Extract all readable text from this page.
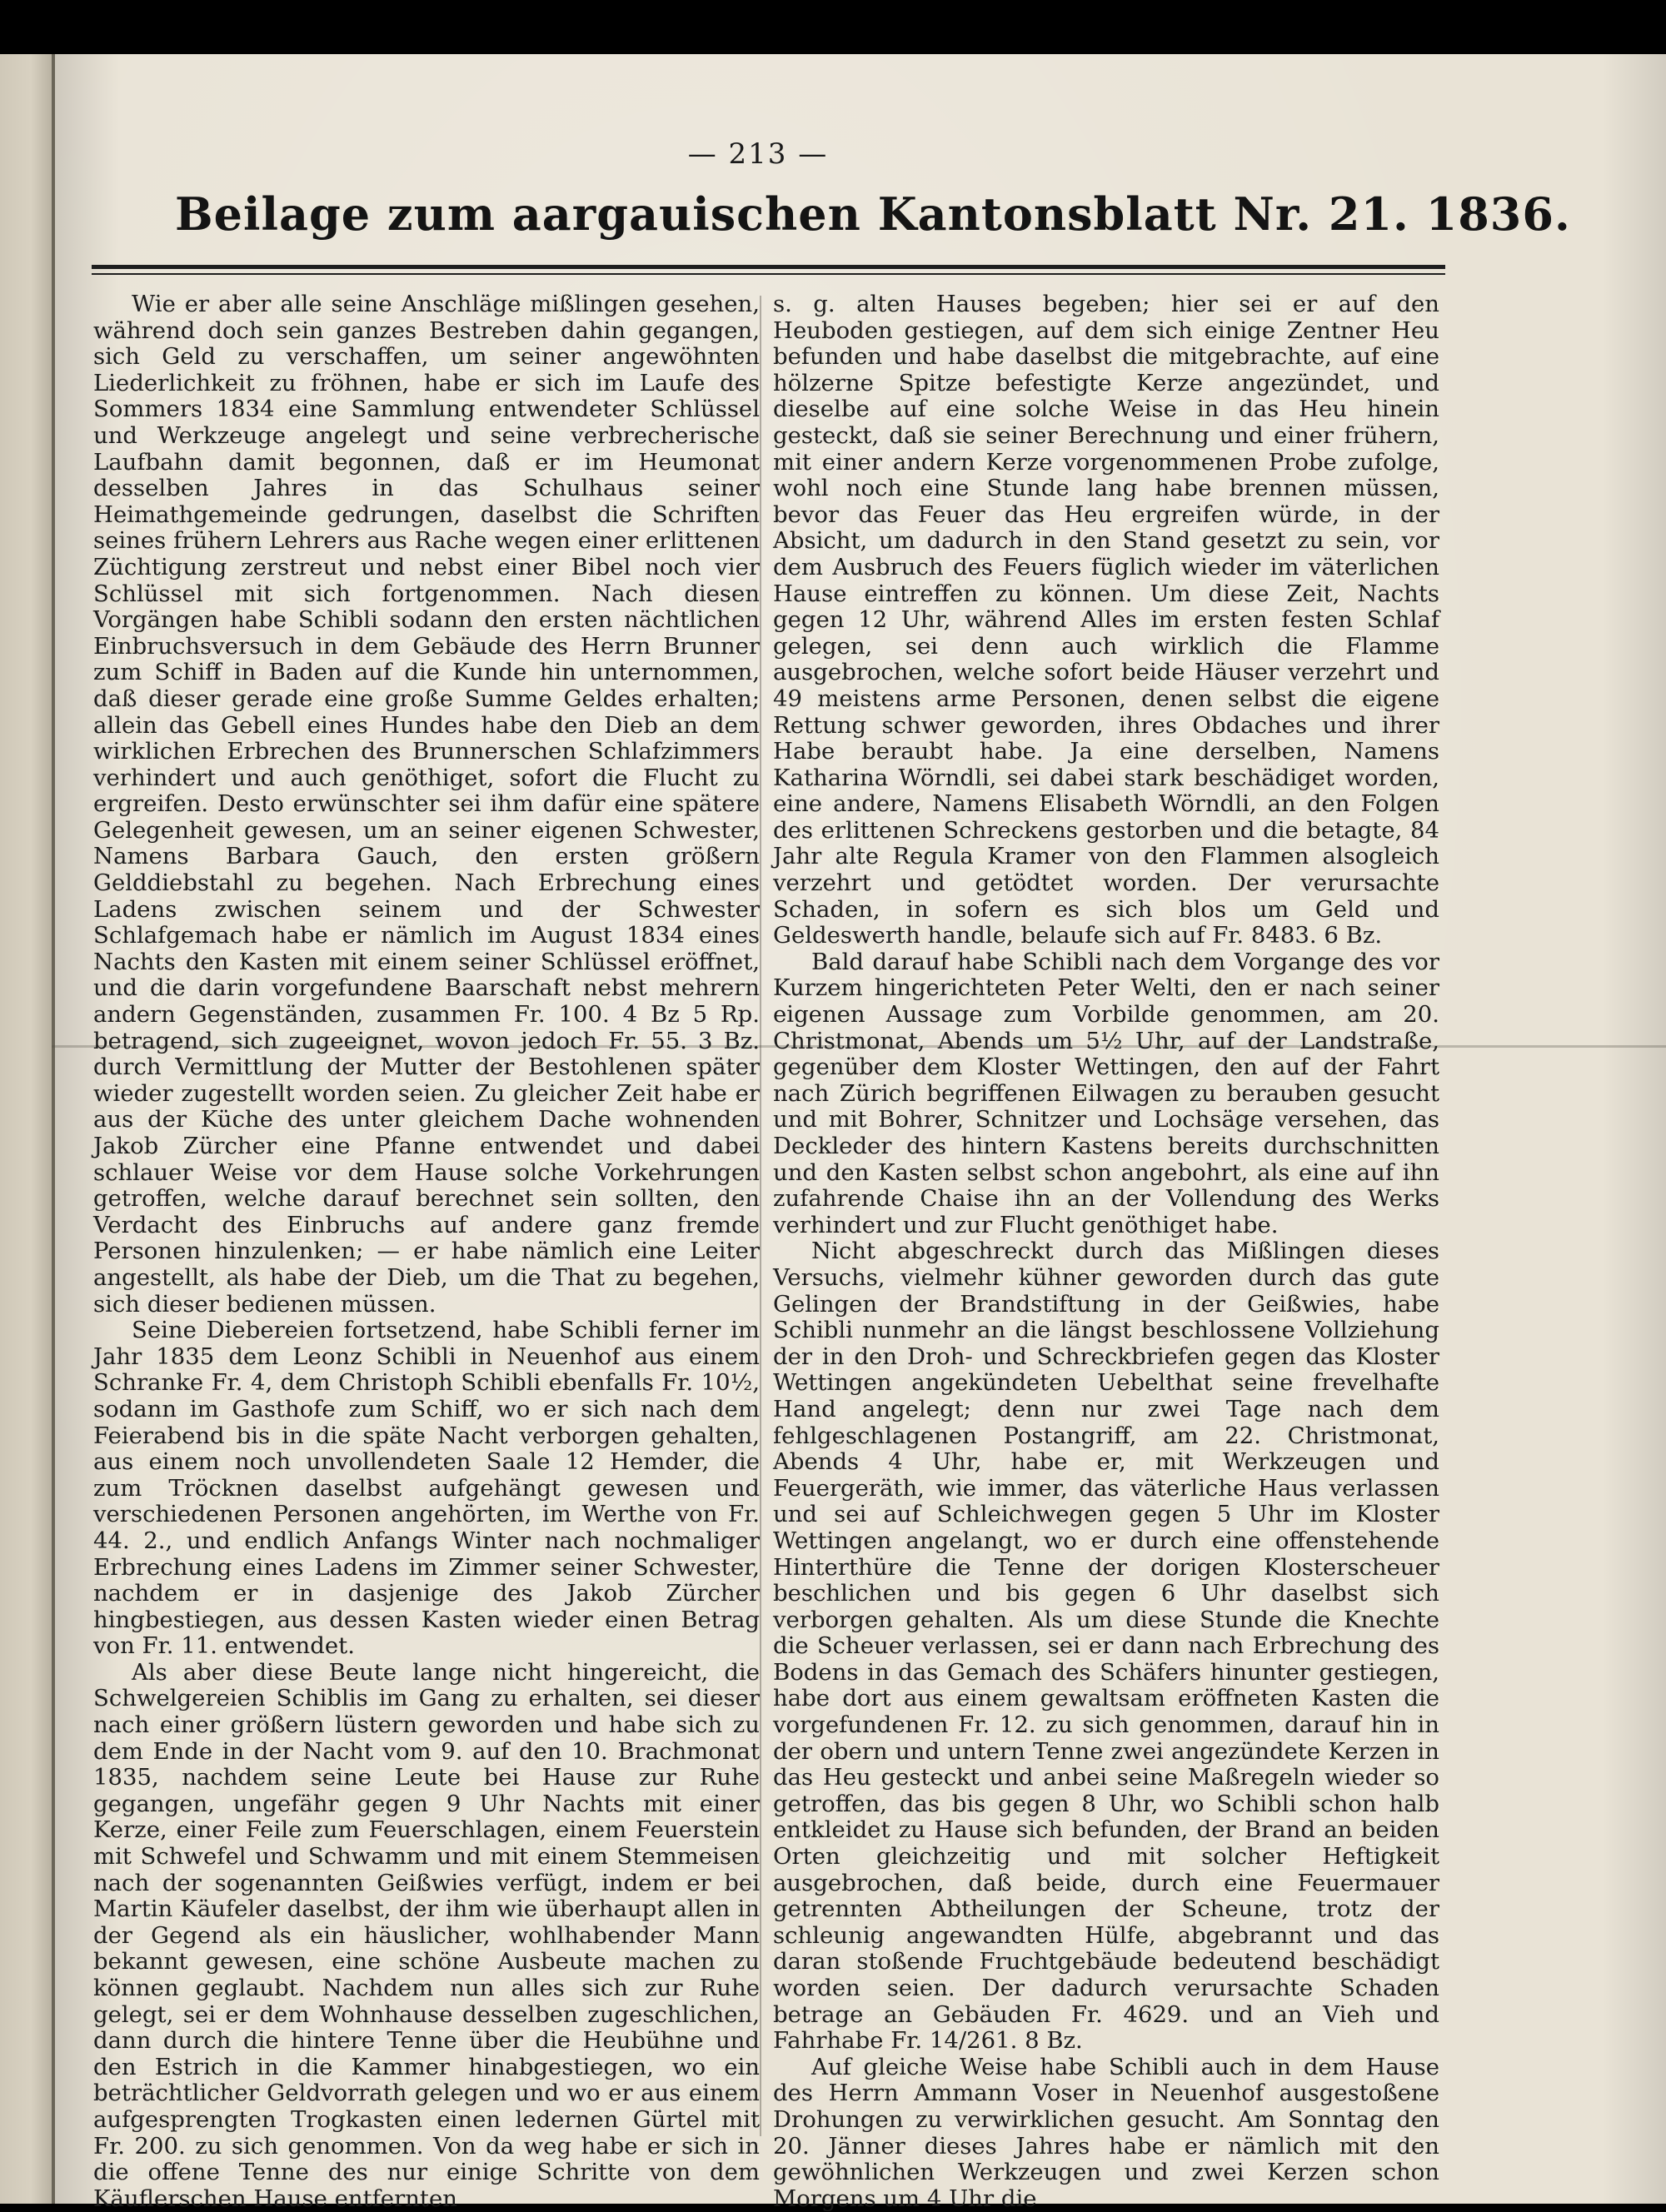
— 213 —
Beilage zum aargauischen Kantonsblatt Nr. 21. 1836.

Wie er aber alle seine Anschläge mißlingen gesehen, während doch sein ganzes Bestreben dahin gegangen, sich Geld zu verschaffen, um seiner angewöhnten Liederlichkeit zu fröhnen, habe er sich im Laufe des Sommers 1834 eine Sammlung entwendeter Schlüssel und Werkzeuge angelegt und seine verbrecherische Laufbahn damit begonnen, daß er im Heumonat desselben Jahres in das Schulhaus seiner Heimathgemeinde gedrungen, daselbst die Schriften seines frühern Lehrers aus Rache wegen einer erlittenen Züchtigung zerstreut und nebst einer Bibel noch vier Schlüssel mit sich fortgenommen. Nach diesen Vorgängen habe Schibli sodann den ersten nächtlichen Einbruchsversuch in dem Gebäude des Herrn Brunner zum Schiff in Baden auf die Kunde hin unternommen, daß dieser gerade eine große Summe Geldes erhalten; allein das Gebell eines Hundes habe den Dieb an dem wirklichen Erbrechen des Brunnerschen Schlafzimmers verhindert und auch genöthiget, sofort die Flucht zu ergreifen. Desto erwünschter sei ihm dafür eine spätere Gelegenheit gewesen, um an seiner eigenen Schwester, Namens Barbara Gauch, den ersten größern Gelddiebstahl zu begehen. Nach Erbrechung eines Ladens zwischen seinem und der Schwester Schlafgemach habe er nämlich im August 1834 eines Nachts den Kasten mit einem seiner Schlüssel eröffnet, und die darin vorgefundene Baarschaft nebst mehrern andern Gegenständen, zusammen Fr. 100. 4 Bz 5 Rp. betragend, sich zugeeignet, wovon jedoch Fr. 55. 3 Bz. durch Vermittlung der Mutter der Bestohlenen später wieder zugestellt worden seien. Zu gleicher Zeit habe er aus der Küche des unter gleichem Dache wohnenden Jakob Zürcher eine Pfanne entwendet und dabei schlauer Weise vor dem Hause solche Vorkehrungen getroffen, welche darauf berechnet sein sollten, den Verdacht des Einbruchs auf andere ganz fremde Personen hinzulenken; — er habe nämlich eine Leiter angestellt, als habe der Dieb, um die That zu begehen, sich dieser bedienen müssen.

Seine Diebereien fortsetzend, habe Schibli ferner im Jahr 1835 dem Leonz Schibli in Neuenhof aus einem Schranke Fr. 4, dem Christoph Schibli ebenfalls Fr. 10½, sodann im Gasthofe zum Schiff, wo er sich nach dem Feierabend bis in die späte Nacht verborgen gehalten, aus einem noch unvollendeten Saale 12 Hemder, die zum Tröcknen daselbst aufgehängt gewesen und verschiedenen Personen angehörten, im Werthe von Fr. 44. 2., und endlich Anfangs Winter nach nochmaliger Erbrechung eines Ladens im Zimmer seiner Schwester, nachdem er in dasjenige des Jakob Zürcher hingbestiegen, aus dessen Kasten wieder einen Betrag von Fr. 11. entwendet.

Als aber diese Beute lange nicht hingereicht, die Schwelgereien Schiblis im Gang zu erhalten, sei dieser nach einer größern lüstern geworden und habe sich zu dem Ende in der Nacht vom 9. auf den 10. Brachmonat 1835, nachdem seine Leute bei Hause zur Ruhe gegangen, ungefähr gegen 9 Uhr Nachts mit einer Kerze, einer Feile zum Feuerschlagen, einem Feuerstein mit Schwefel und Schwamm und mit einem Stemmeisen nach der sogenannten Geißwies verfügt, indem er bei Martin Käufeler daselbst, der ihm wie überhaupt allen in der Gegend als ein häuslicher, wohlhabender Mann bekannt gewesen, eine schöne Ausbeute machen zu können geglaubt. Nachdem nun alles sich zur Ruhe gelegt, sei er dem Wohnhause desselben zugeschlichen, dann durch die hintere Tenne über die Heubühne und den Estrich in die Kammer hinabgestiegen, wo ein beträchtlicher Geldvorrath gelegen und wo er aus einem aufgesprengten Trogkasten einen ledernen Gürtel mit Fr. 200. zu sich genommen. Von da weg habe er sich in die offene Tenne des nur einige Schritte von dem Käuflerschen Hause entfernten

s. g. alten Hauses begeben; hier sei er auf den Heuboden gestiegen, auf dem sich einige Zentner Heu befunden und habe daselbst die mitgebrachte, auf eine hölzerne Spitze befestigte Kerze angezündet, und dieselbe auf eine solche Weise in das Heu hinein gesteckt, daß sie seiner Berechnung und einer frühern, mit einer andern Kerze vorgenommenen Probe zufolge, wohl noch eine Stunde lang habe brennen müssen, bevor das Feuer das Heu ergreifen würde, in der Absicht, um dadurch in den Stand gesetzt zu sein, vor dem Ausbruch des Feuers füglich wieder im väterlichen Hause eintreffen zu können. Um diese Zeit, Nachts gegen 12 Uhr, während Alles im ersten festen Schlaf gelegen, sei denn auch wirklich die Flamme ausgebrochen, welche sofort beide Häuser verzehrt und 49 meistens arme Personen, denen selbst die eigene Rettung schwer geworden, ihres Obdaches und ihrer Habe beraubt habe. Ja eine derselben, Namens Katharina Wörndli, sei dabei stark beschädiget worden, eine andere, Namens Elisabeth Wörndli, an den Folgen des erlittenen Schreckens gestorben und die betagte, 84 Jahr alte Regula Kramer von den Flammen alsogleich verzehrt und getödtet worden. Der verursachte Schaden, in sofern es sich blos um Geld und Geldeswerth handle, belaufe sich auf Fr. 8483. 6 Bz.

Bald darauf habe Schibli nach dem Vorgange des vor Kurzem hingerichteten Peter Welti, den er nach seiner eigenen Aussage zum Vorbilde genommen, am 20. Christmonat, Abends um 5½ Uhr, auf der Landstraße, gegenüber dem Kloster Wettingen, den auf der Fahrt nach Zürich begriffenen Eilwagen zu berauben gesucht und mit Bohrer, Schnitzer und Lochsäge versehen, das Deckleder des hintern Kastens bereits durchschnitten und den Kasten selbst schon angebohrt, als eine auf ihn zufahrende Chaise ihn an der Vollendung des Werks verhindert und zur Flucht genöthiget habe.

Nicht abgeschreckt durch das Mißlingen dieses Versuchs, vielmehr kühner geworden durch das gute Gelingen der Brandstiftung in der Geißwies, habe Schibli nunmehr an die längst beschlossene Vollziehung der in den Droh- und Schreckbriefen gegen das Kloster Wettingen angekündeten Uebelthat seine frevelhafte Hand angelegt; denn nur zwei Tage nach dem fehlgeschlagenen Postangriff, am 22. Christmonat, Abends 4 Uhr, habe er, mit Werkzeugen und Feuergeräth, wie immer, das väterliche Haus verlassen und sei auf Schleichwegen gegen 5 Uhr im Kloster Wettingen angelangt, wo er durch eine offenstehende Hinterthüre die Tenne der dorigen Klosterscheuer beschlichen und bis gegen 6 Uhr daselbst sich verborgen gehalten. Als um diese Stunde die Knechte die Scheuer verlassen, sei er dann nach Erbrechung des Bodens in das Gemach des Schäfers hinunter gestiegen, habe dort aus einem gewaltsam eröffneten Kasten die vorgefundenen Fr. 12. zu sich genommen, darauf hin in der obern und untern Tenne zwei angezündete Kerzen in das Heu gesteckt und anbei seine Maßregeln wieder so getroffen, das bis gegen 8 Uhr, wo Schibli schon halb entkleidet zu Hause sich befunden, der Brand an beiden Orten gleichzeitig und mit solcher Heftigkeit ausgebrochen, daß beide, durch eine Feuermauer getrennten Abtheilungen der Scheune, trotz der schleunig angewandten Hülfe, abgebrannt und das daran stoßende Fruchtgebäude bedeutend beschädigt worden seien. Der dadurch verursachte Schaden betrage an Gebäuden Fr. 4629. und an Vieh und Fahrhabe Fr. 14/261. 8 Bz.

Auf gleiche Weise habe Schibli auch in dem Hause des Herrn Ammann Voser in Neuenhof ausgestoßene Drohungen zu verwirklichen gesucht. Am Sonntag den 20. Jänner dieses Jahres habe er nämlich mit den gewöhnlichen Werkzeugen und zwei Kerzen schon Morgens um 4 Uhr die
